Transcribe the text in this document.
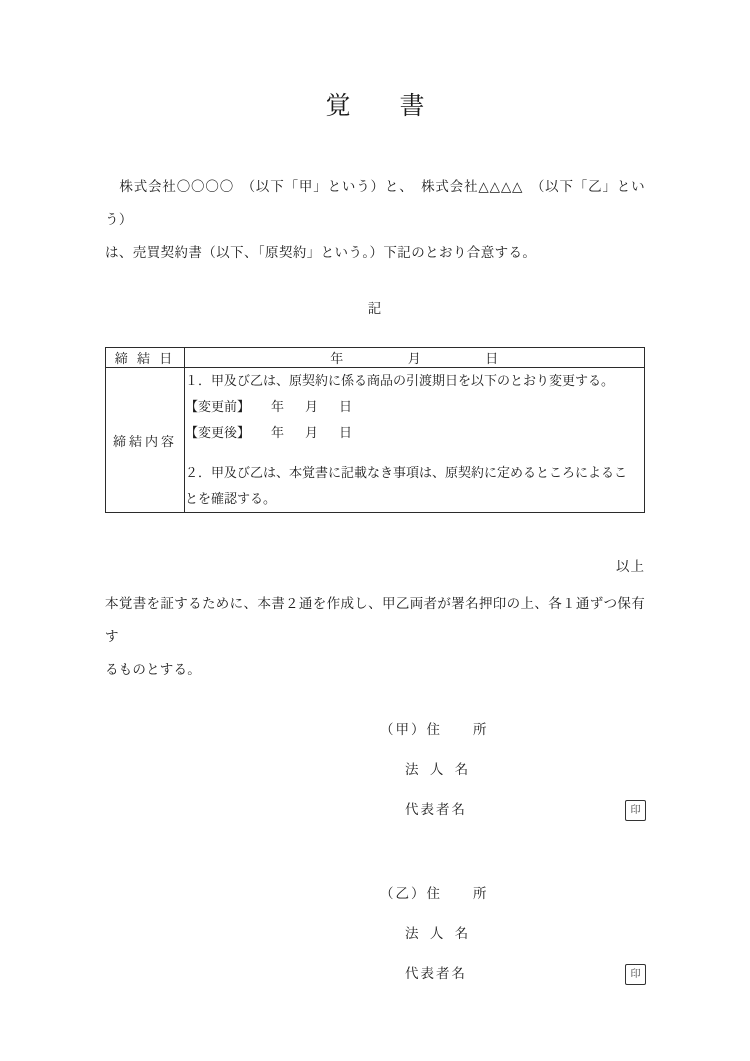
覚　書
株式会社〇〇〇〇　（以下「甲」という）と、　 株式会社△△△△　（以下「乙」という）
は、売買契約書（以下、「原契約」という。）下記のとおり合意する。
記
締 結 日	年 月 日
締結内容	１．甲及び乙は、原契約に係る商品の引渡期日を以下のとおり変更する。
【変更前】 年 月 日
【変更後】 年 月 日
２．甲及び乙は、本覚書に記載なき事項は、原契約に定めるところによるこ
とを確認する。
以上
本覚書を証するために、本書２通を作成し、甲乙両者が署名押印の上、各１通ずつ保有す
るものとする。
（甲）住　　所
法 人 名
代表者名	印
（乙）住　　所
法 人 名
代表者名	印
